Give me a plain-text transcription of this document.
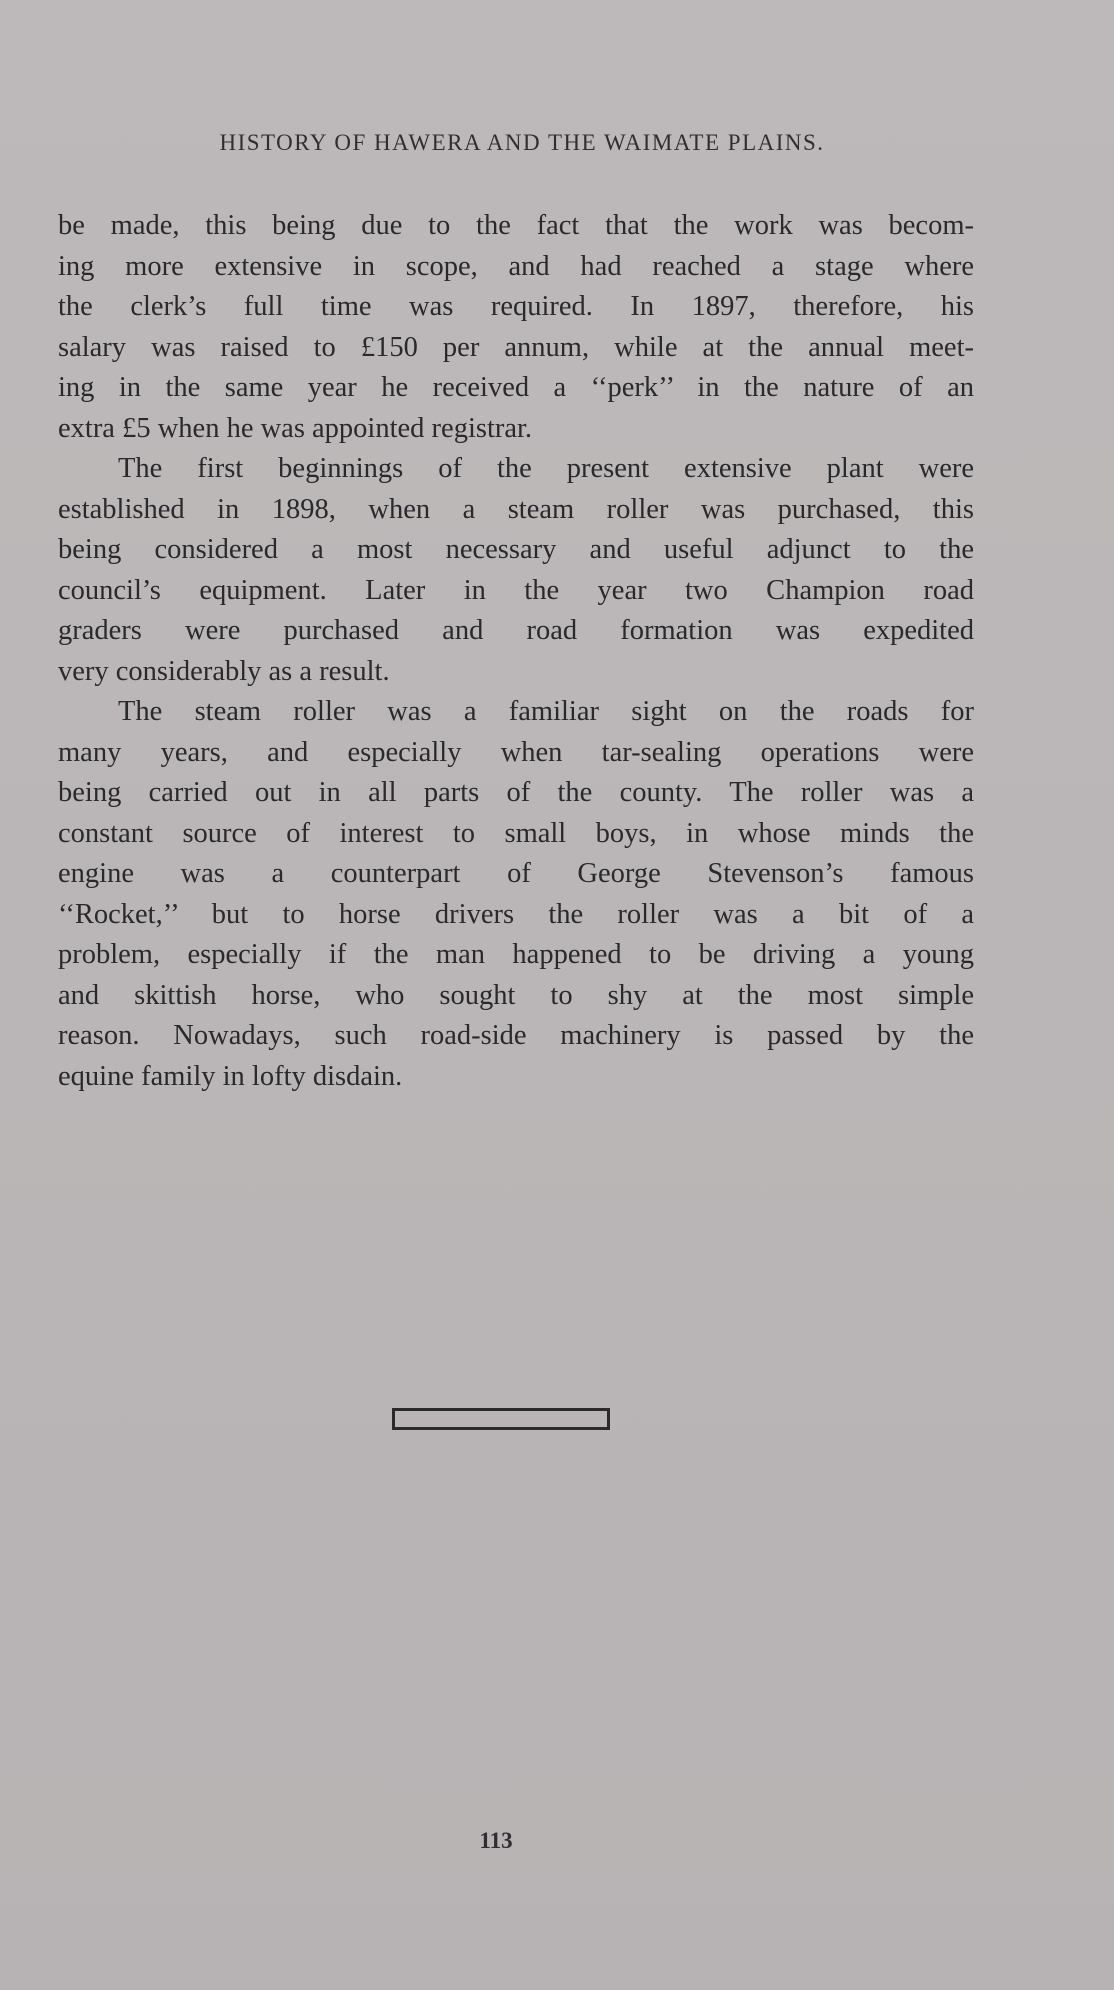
HISTORY OF HAWERA AND THE WAIMATE PLAINS.
be made, this being due to the fact that the work was becom-
ing more extensive in scope, and had reached a stage where
the clerk’s full time was required. In 1897, therefore, his
salary was raised to £150 per annum, while at the annual meet-
ing in the same year he received a ‘‘perk’’ in the nature of an
extra £5 when he was appointed registrar.
The first beginnings of the present extensive plant were
established in 1898, when a steam roller was purchased, this
being considered a most necessary and useful adjunct to the
council’s equipment. Later in the year two Champion road
graders were purchased and road formation was expedited
very considerably as a result.
The steam roller was a familiar sight on the roads for
many years, and especially when tar-sealing operations were
being carried out in all parts of the county. The roller was a
constant source of interest to small boys, in whose minds the
engine was a counterpart of George Stevenson’s famous
‘‘Rocket,’’ but to horse drivers the roller was a bit of a
problem, especially if the man happened to be driving a young
and skittish horse, who sought to shy at the most simple
reason. Nowadays, such road-side machinery is passed by the
equine family in lofty disdain.
113
